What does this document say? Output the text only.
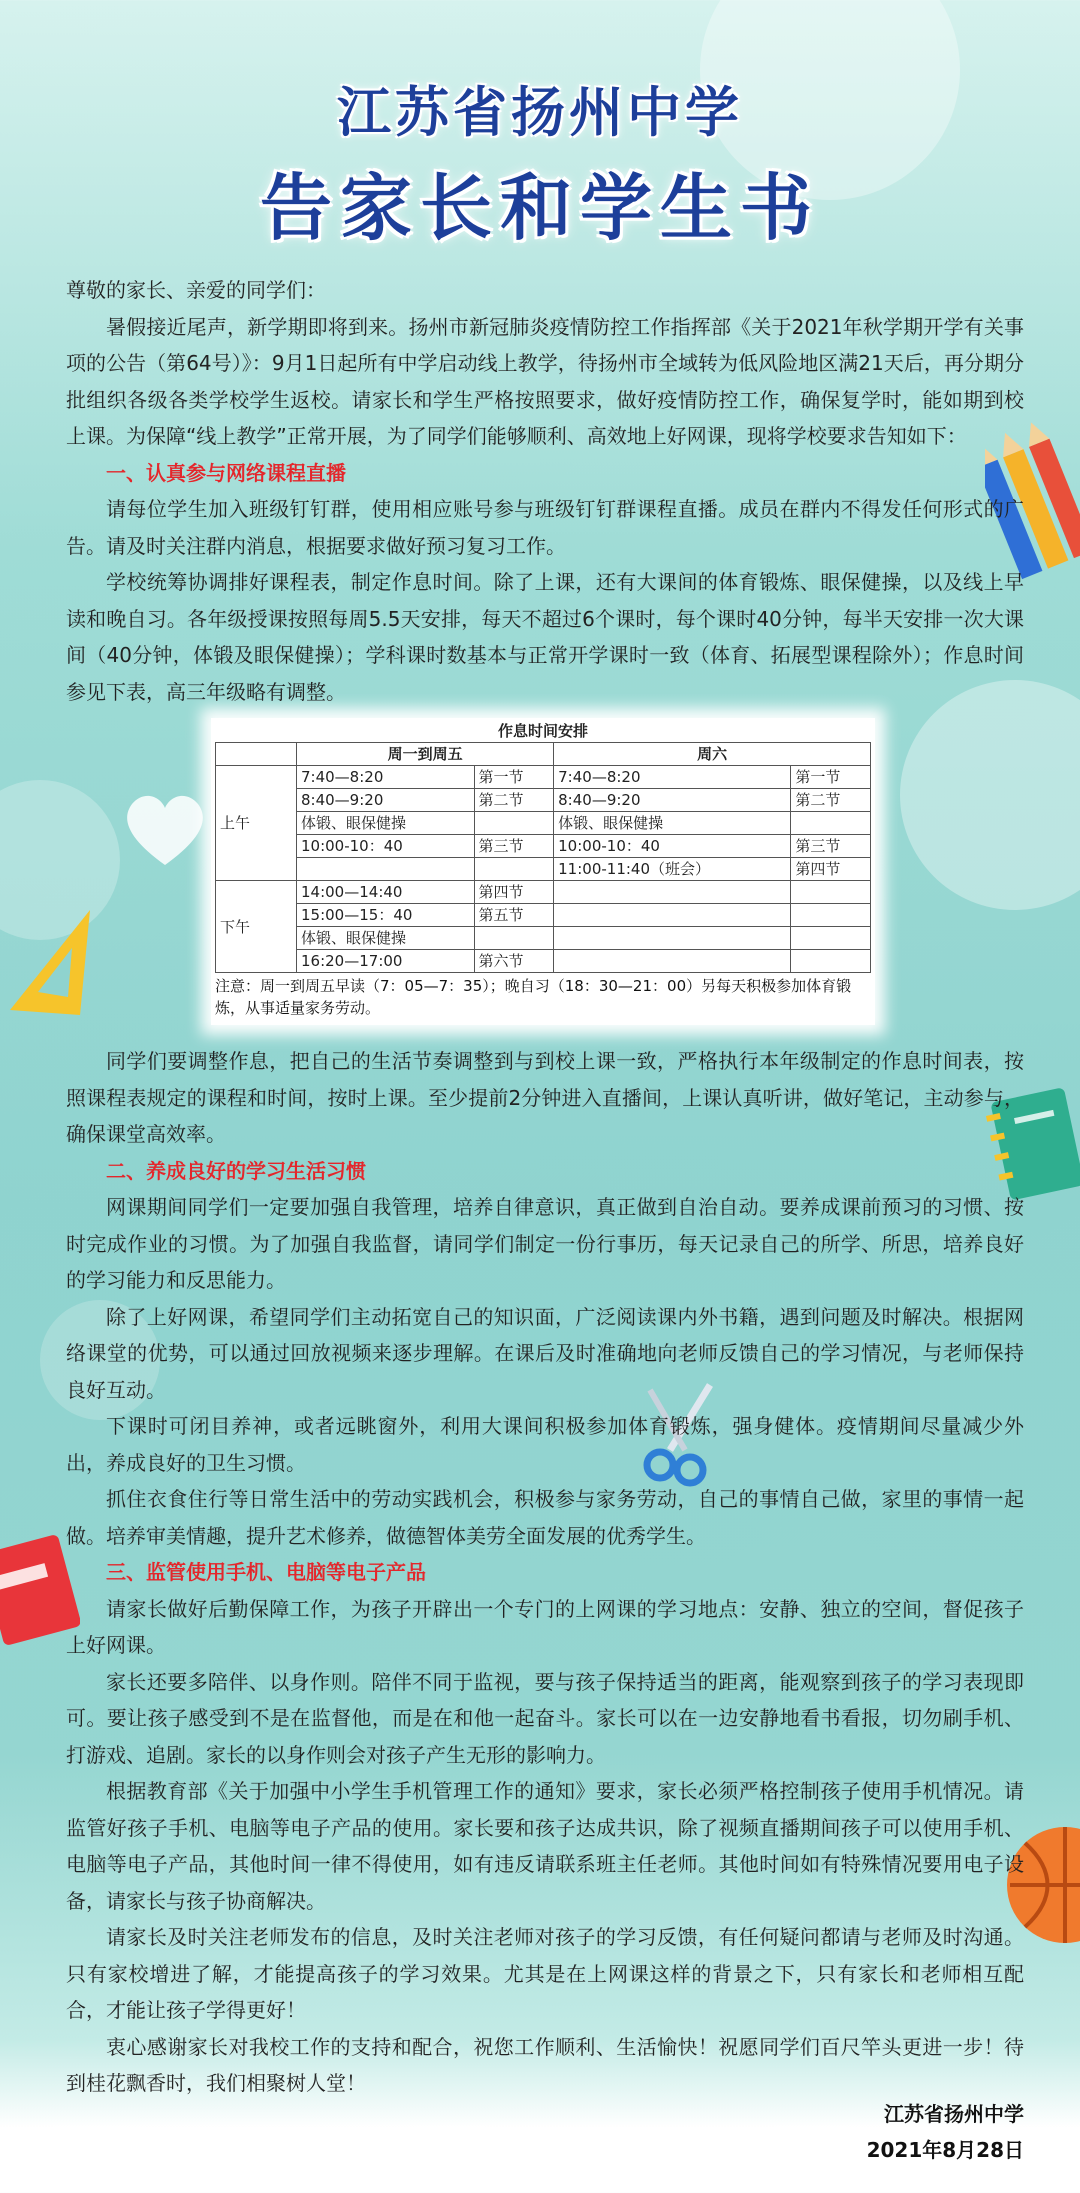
江苏省扬州中学
告家长和学生书

尊敬的家长、亲爱的同学们：

暑假接近尾声，新学期即将到来。扬州市新冠肺炎疫情防控工作指挥部《关于2021年秋学期开学有关事项的公告（第64号）》：9月1日起所有中学启动线上教学，待扬州市全域转为低风险地区满21天后，再分期分批组织各级各类学校学生返校。请家长和学生严格按照要求，做好疫情防控工作，确保复学时，能如期到校上课。为保障“线上教学”正常开展，为了同学们能够顺利、高效地上好网课，现将学校要求告知如下：

一、认真参与网络课程直播

请每位学生加入班级钉钉群，使用相应账号参与班级钉钉群课程直播。成员在群内不得发任何形式的广告。请及时关注群内消息，根据要求做好预习复习工作。

学校统筹协调排好课程表，制定作息时间。除了上课，还有大课间的体育锻炼、眼保健操，以及线上早读和晚自习。各年级授课按照每周5.5天安排，每天不超过6个课时，每个课时40分钟，每半天安排一次大课间（40分钟，体锻及眼保健操）；学科课时数基本与正常开学课时一致（体育、拓展型课程除外）；作息时间参见下表，高三年级略有调整。

作息时间安排				
	周一到周五		周六	
上午	7:40—8:20	第一节	7:40—8:20	第一节
	8:40—9:20	第二节	8:40—9:20	第二节
	体锻、眼保健操		体锻、眼保健操	
	10:00-10：40	第三节	10:00-10：40	第三节
			11:00-11:40（班会）	第四节
下午	14:00—14:40	第四节		
	15:00—15：40	第五节		
	体锻、眼保健操			
	16:20—17:00	第六节		
注意：周一到周五早读（7：05—7：35）；晚自习（18：30—21：00）另每天积极参加体育锻炼，从事适量家务劳动。

同学们要调整作息，把自己的生活节奏调整到与到校上课一致，严格执行本年级制定的作息时间表，按照课程表规定的课程和时间，按时上课。至少提前2分钟进入直播间，上课认真听讲，做好笔记，主动参与，确保课堂高效率。

二、养成良好的学习生活习惯

网课期间同学们一定要加强自我管理，培养自律意识，真正做到自治自动。要养成课前预习的习惯、按时完成作业的习惯。为了加强自我监督，请同学们制定一份行事历，每天记录自己的所学、所思，培养良好的学习能力和反思能力。

除了上好网课，希望同学们主动拓宽自己的知识面，广泛阅读课内外书籍，遇到问题及时解决。根据网络课堂的优势，可以通过回放视频来逐步理解。在课后及时准确地向老师反馈自己的学习情况，与老师保持良好互动。

下课时可闭目养神，或者远眺窗外，利用大课间积极参加体育锻炼，强身健体。疫情期间尽量减少外出，养成良好的卫生习惯。

抓住衣食住行等日常生活中的劳动实践机会，积极参与家务劳动，自己的事情自己做，家里的事情一起做。培养审美情趣，提升艺术修养，做德智体美劳全面发展的优秀学生。

三、监管使用手机、电脑等电子产品

请家长做好后勤保障工作，为孩子开辟出一个专门的上网课的学习地点：安静、独立的空间，督促孩子上好网课。

家长还要多陪伴、以身作则。陪伴不同于监视，要与孩子保持适当的距离，能观察到孩子的学习表现即可。要让孩子感受到不是在监督他，而是在和他一起奋斗。家长可以在一边安静地看书看报，切勿刷手机、打游戏、追剧。家长的以身作则会对孩子产生无形的影响力。

根据教育部《关于加强中小学生手机管理工作的通知》要求，家长必须严格控制孩子使用手机情况。请监管好孩子手机、电脑等电子产品的使用。家长要和孩子达成共识，除了视频直播期间孩子可以使用手机、电脑等电子产品，其他时间一律不得使用，如有违反请联系班主任老师。其他时间如有特殊情况要用电子设备，请家长与孩子协商解决。

请家长及时关注老师发布的信息，及时关注老师对孩子的学习反馈，有任何疑问都请与老师及时沟通。只有家校增进了解，才能提高孩子的学习效果。尤其是在上网课这样的背景之下，只有家长和老师相互配合，才能让孩子学得更好！

衷心感谢家长对我校工作的支持和配合，祝您工作顺利、生活愉快！祝愿同学们百尺竿头更进一步！待到桂花飘香时，我们相聚树人堂！

江苏省扬州中学
2021年8月28日
